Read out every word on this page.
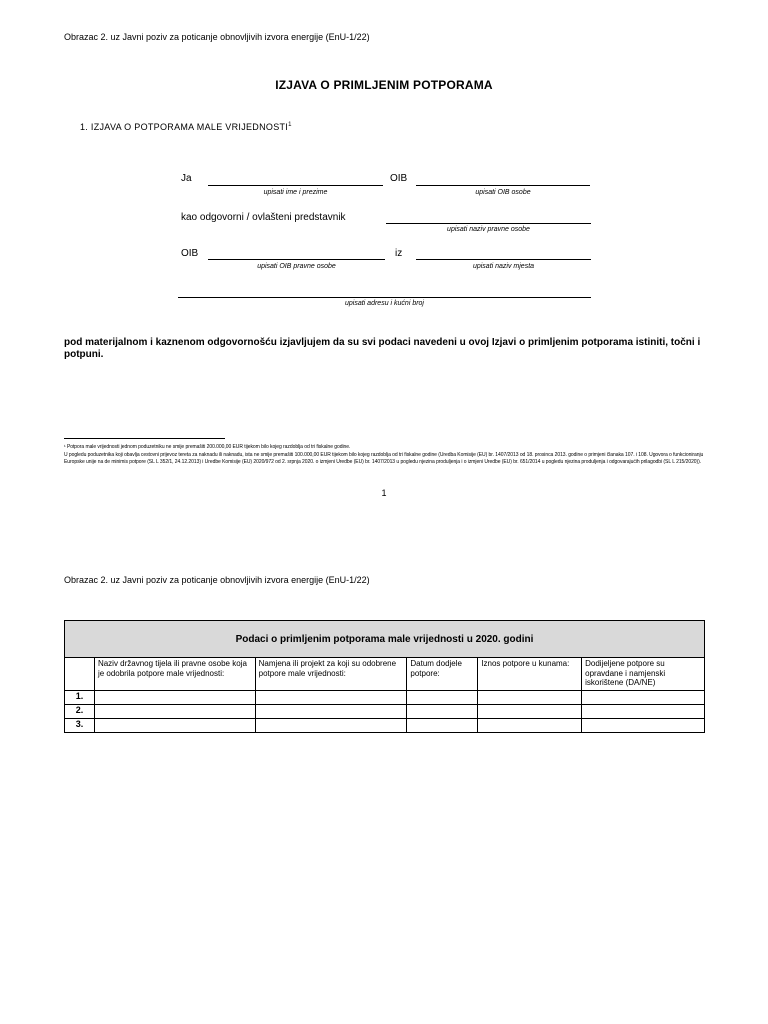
Obrazac 2. uz Javni poziv za poticanje obnovljivih izvora energije (EnU-1/22)
IZJAVA O PRIMLJENIM POTPORAMA
1. IZJAVA O POTPORAMA MALE VRIJEDNOSTI$^1$
Ja
upisati ime i prezime
OIB
upisati OIB osobe
kao odgovorni / ovlašteni predstavnik
upisati naziv pravne osobe
OIB
upisati OIB pravne osobe
iz
upisati naziv mjesta
upisati adresu i kućni broj
pod materijalnom i kaznenom odgovornošću izjavljujem da su svi podaci navedeni u ovoj Izjavi o primljenim potporama istiniti, točni i potpuni.
¹ Potpora male vrijednosti jednom poduzetniku ne smije premašiti 200.000,00 EUR tijekom bilo kojeg razdoblja od tri fiskalne godine.
U pogledu poduzetnika koji obavlja cestovni prijevoz tereta za naknadu ili naknadu, ista ne smije premašiti 100.000,00 EUR tijekom bilo kojeg razdoblja od tri fiskalne godine (Uredba Komisije (EU) br. 1407/2013 od 18. prosinca 2013. godine o primjeni članaka 107. i 108. Ugovora o funkcioniranju Europske unije na de minimis potpore (SL L 352/1, 24.12.2013) i Uredbe Komisije (EU) 2020/972 od 2. srpnja 2020. o izmjeni Uredbe (EU) br. 1407/2013 u pogledu njezina produljenja i o izmjeni Uredbe (EU) br. 651/2014 u pogledu njezina produljenja i odgovarajućih prilagodbi (SL L 215/2020)).
1
Obrazac 2. uz Javni poziv za poticanje obnovljivih izvora energije (EnU-1/22)
Podaci o primljenim potporama male vrijednosti u 2020. godini					
	Naziv državnog tijela ili pravne osobe koja je odobrila potpore male vrijednosti:	Namjena ili projekt za koji su odobrene potpore male vrijednosti:	Datum dodjele potpore:	Iznos potpore u kunama:	Dodijeljene potpore su opravdane i namjenski iskorištene (DA/NE)
1.					
2.					
3.					
